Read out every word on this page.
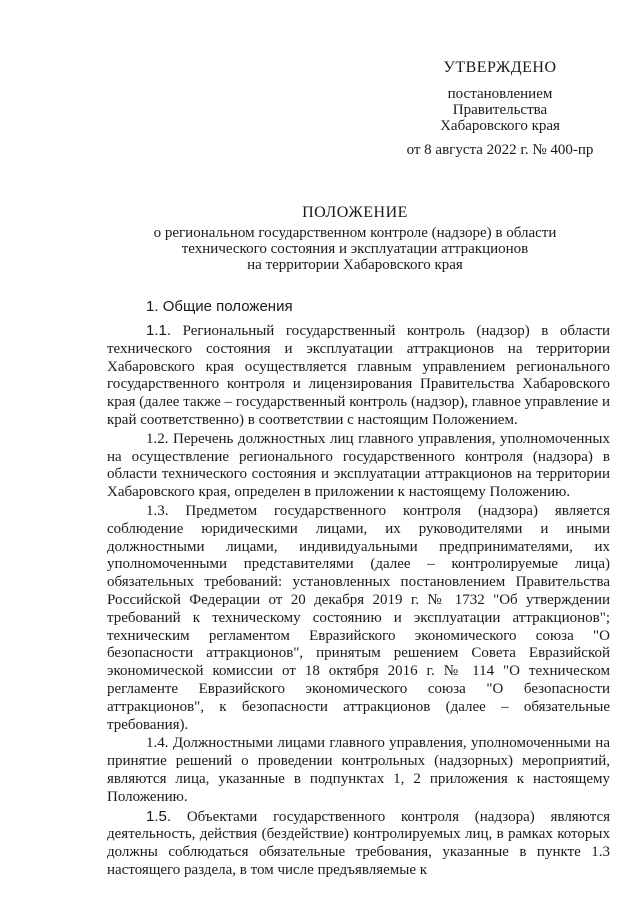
УТВЕРЖДЕНО
постановлением
Правительства
Хабаровского края
от 8 августа 2022 г. № 400-пр
ПОЛОЖЕНИЕ
о региональном государственном контроле (надзоре) в области
технического состояния и эксплуатации аттракционов
на территории Хабаровского края
1. Общие положения

1.1. Региональный государственный контроль (надзор) в области технического состояния и эксплуатации аттракционов на территории Хабаровского края осуществляется главным управлением регионального государственного контроля и лицензирования Правительства Хабаровского края (далее также – государственный контроль (надзор), главное управление и край соответственно) в соответствии с настоящим Положением.

1.2. Перечень должностных лиц главного управления, уполномоченных на осуществление регионального государственного контроля (надзора) в области технического состояния и эксплуатации аттракционов на территории Хабаровского края, определен в приложении к настоящему Положению.

1.3. Предметом государственного контроля (надзора) является соблюдение юридическими лицами, их руководителями и иными должностными лицами, индивидуальными предпринимателями, их уполномоченными представителями (далее – контролируемые лица) обязательных требований: установленных постановлением Правительства Российской Федерации от 20 декабря 2019 г. № 1732 "Об утверждении требований к техническому состоянию и эксплуатации аттракционов"; техническим регламентом Евразийского экономического союза "О безопасности аттракционов", принятым решением Совета Евразийской экономической комиссии от 18 октября 2016 г. № 114 "О техническом регламенте Евразийского экономического союза "О безопасности аттракционов", к безопасности аттракционов (далее – обязательные требования).

1.4. Должностными лицами главного управления, уполномоченными на принятие решений о проведении контрольных (надзорных) мероприятий, являются лица, указанные в подпунктах 1, 2 приложения к настоящему Положению.

1.5. Объектами государственного контроля (надзора) являются деятельность, действия (бездействие) контролируемых лиц, в рамках которых должны соблюдаться обязательные требования, указанные в пункте 1.3 настоящего раздела, в том числе предъявляемые к
